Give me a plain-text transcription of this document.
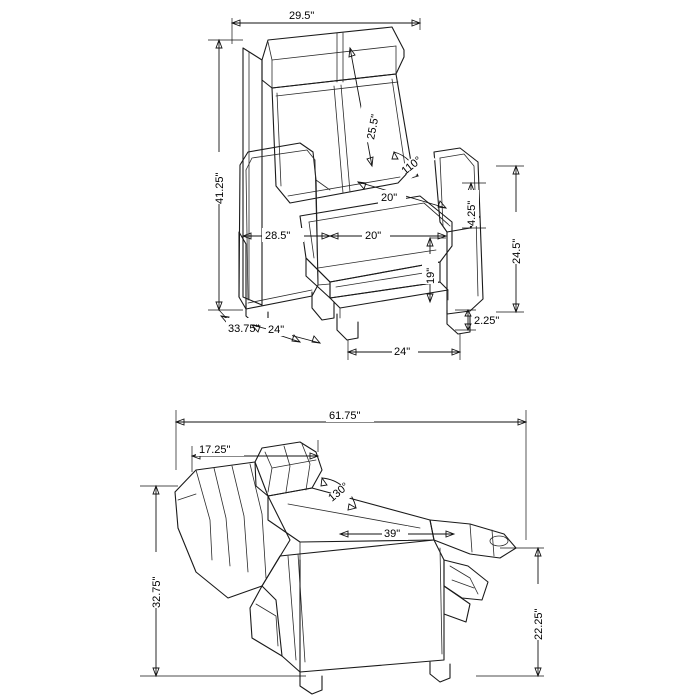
29.5"
41.25"
25.5"
110°
20"
20"
4.25"
24.5"
28.5"
19"
33.75" 24"
24"
2.25"
61.75"
17.25"
130°
39"
32.75"
22.25"
